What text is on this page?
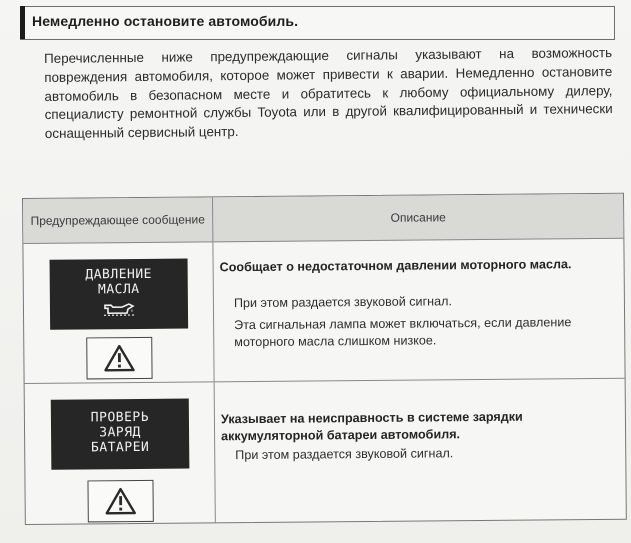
Немедленно остановите автомобиль.
Перечисленные ниже предупреждающие сигналы указывают на возможность повреждения автомобиля, которое может привести к аварии. Немедленно остановите автомобиль в безопасном месте и обратитесь к любому официальному дилеру, специалисту ремонтной службы Toyota или в другой квалифицированный и технически оснащенный сервисный центр.
Предупреждающее сообщение	Описание
ДАВЛЕНИЕ
МАСЛА
Сообщает о недостаточном давлении моторного масла.
При этом раздается звуковой сигнал.
Эта сигнальная лампа может включаться, если давление моторного масла слишком низкое.
ПРОВЕРЬ
ЗАРЯД
БАТАРЕИ
Указывает на неисправность в системе зарядки аккумуляторной батареи автомобиля.
При этом раздается звуковой сигнал.
